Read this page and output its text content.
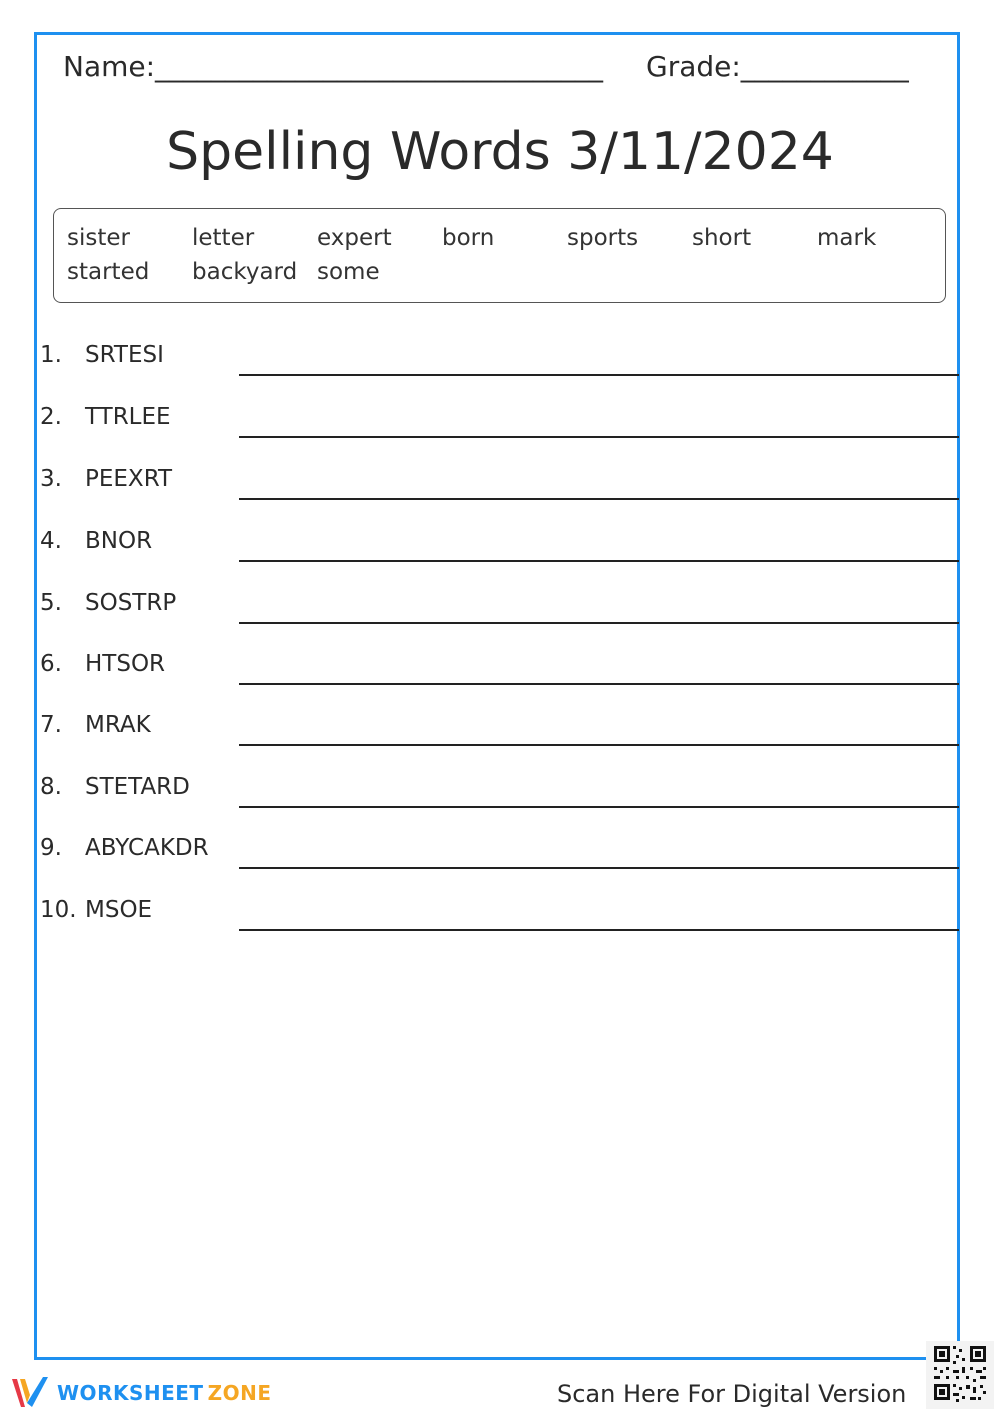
Name:________________________________ Grade:____________
Spelling Words 3/11/2024
sister	letter	expert born	sports short	mark
started backyard some
1. SRTESI
2. TTRLEE
3. PEEXRT
4. BNOR
5. SOSTRP
6. HTSOR
7. MRAK
8. STETARD
9. ABYCAKDR
10. MSOE
WORKSHEET ZONE	Scan Here For Digital Version
